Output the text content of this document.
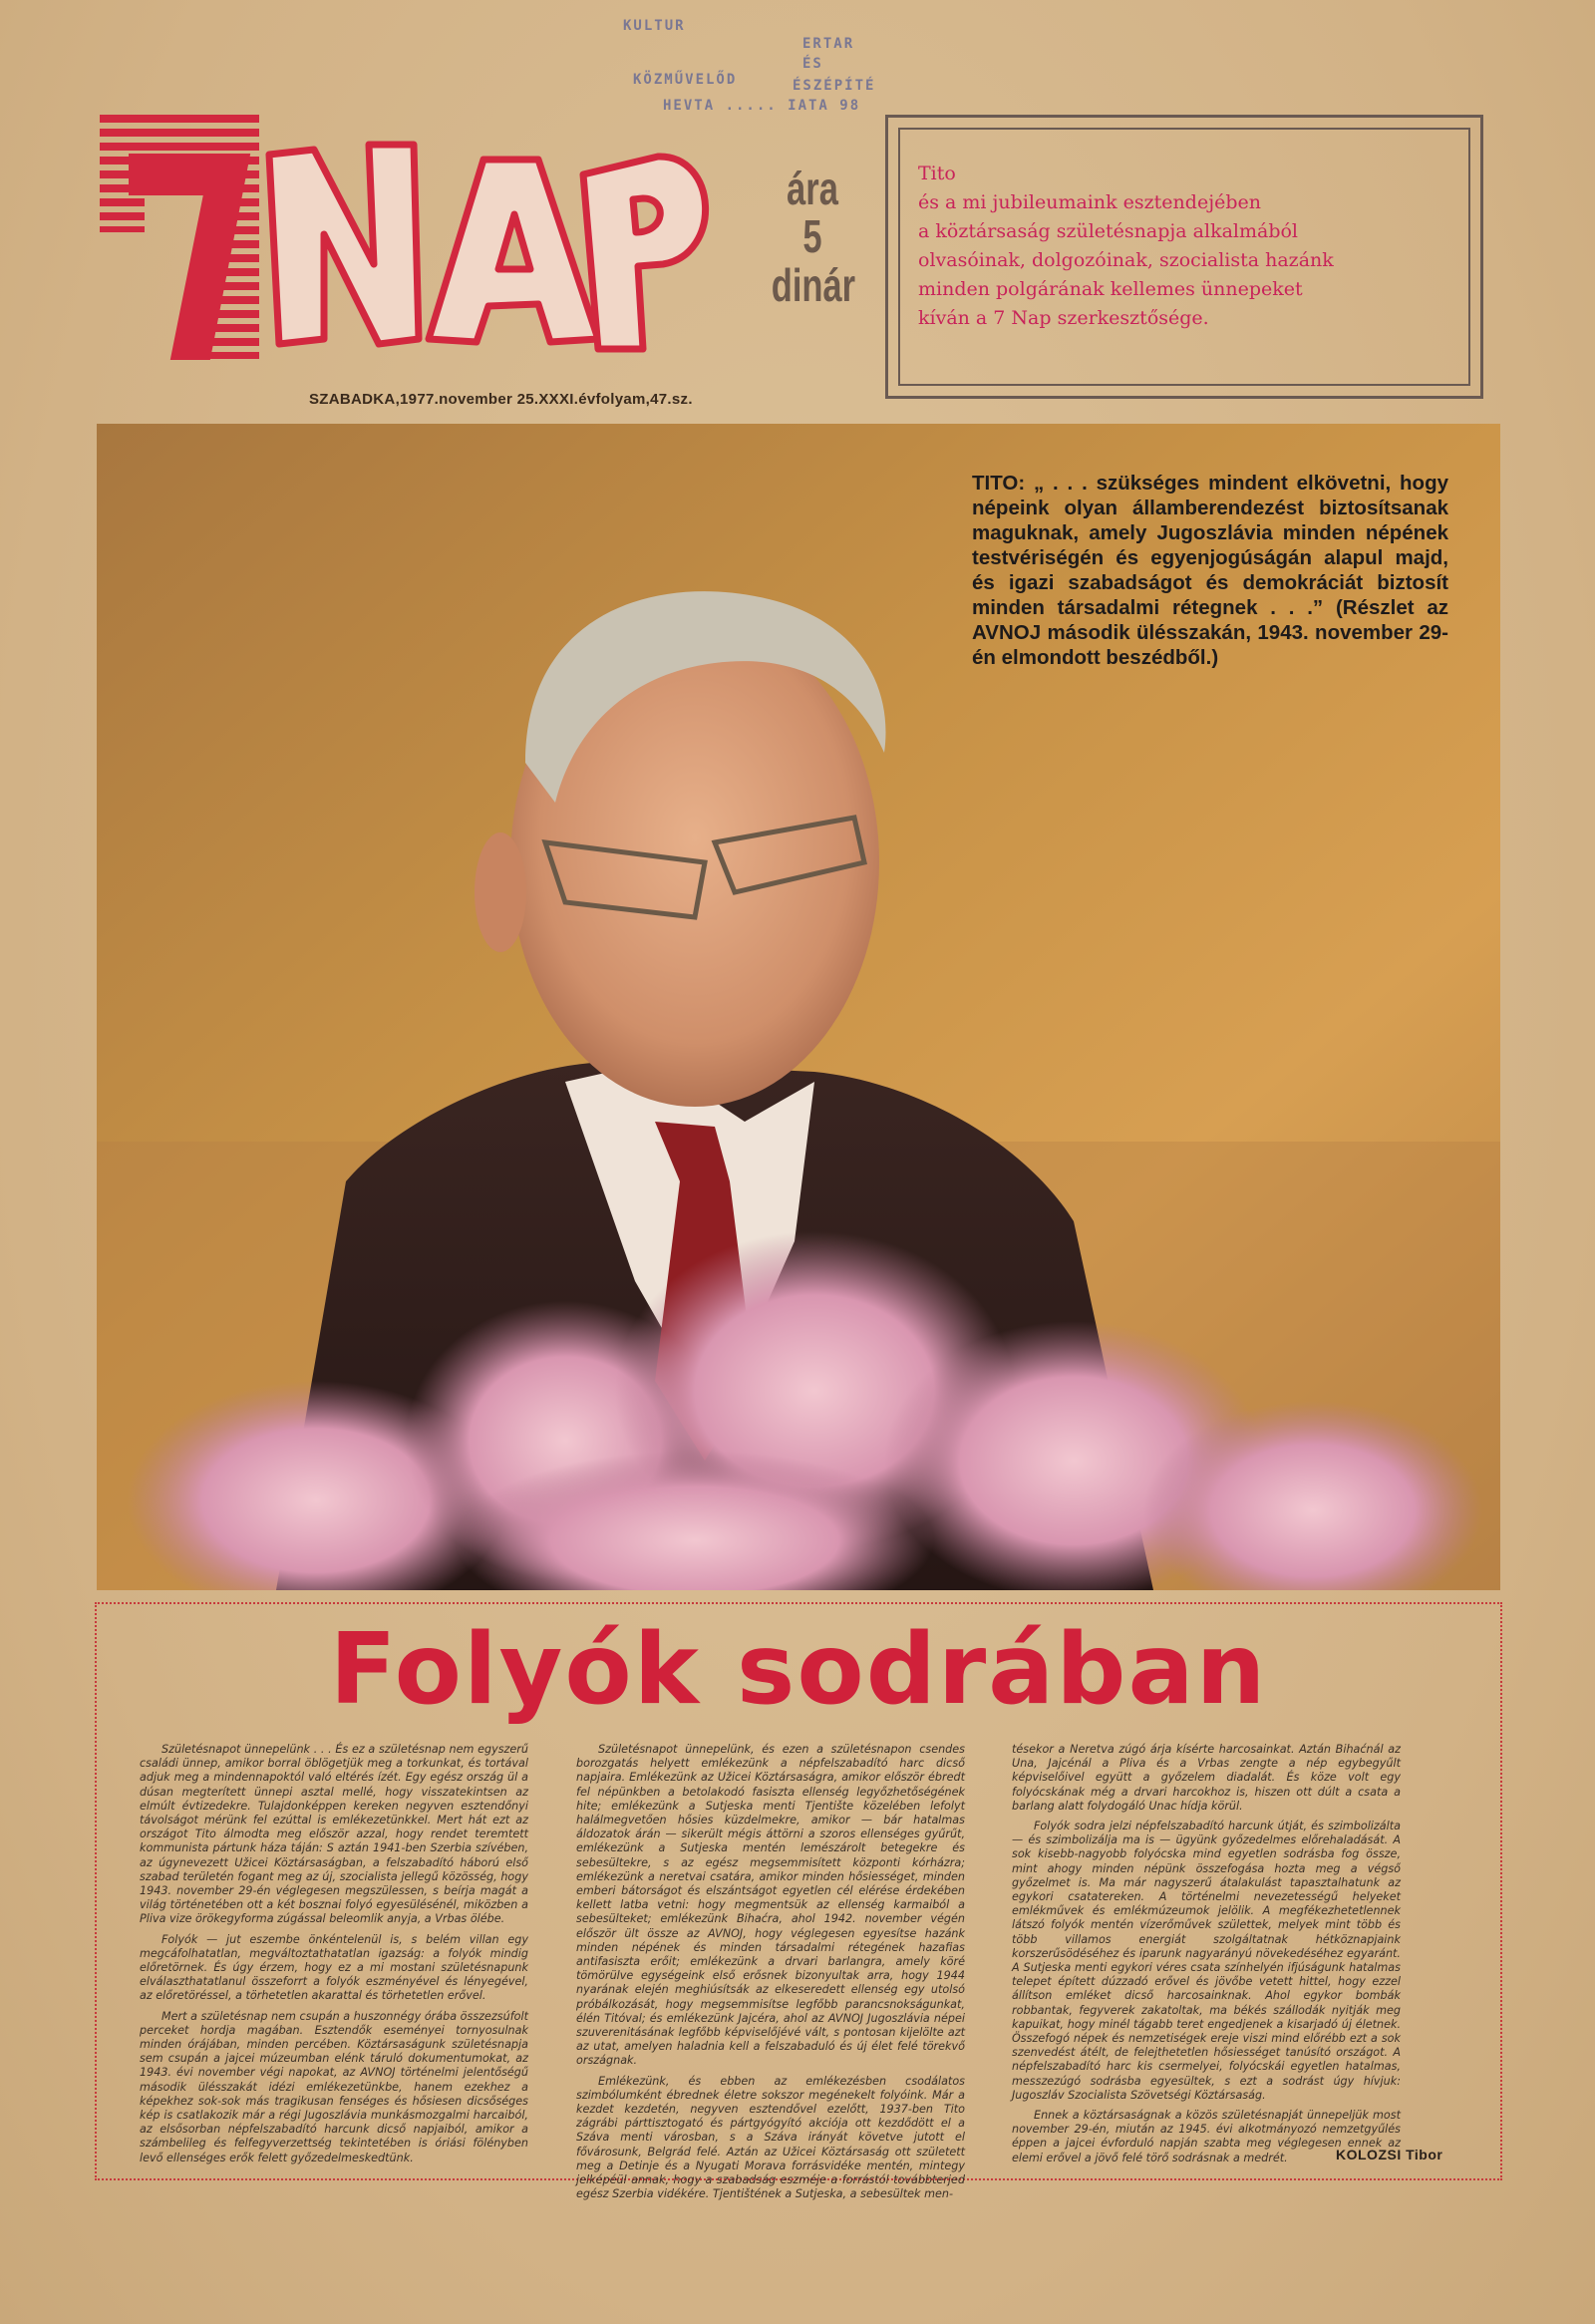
KULTUR
ERTAR
ÉS
KÖZMŰVELŐD	ÉSZÉPÍTÉ
HEVTA ..... IATA 98
SZABADKA,1977.november 25.XXXI.évfolyam,47.sz.
ára
5
dinár
Tito
és a mi jubileumaink esztendejében
a köztársaság születésnapja alkalmából
olvasóinak, dolgozóinak, szocialista hazánk
minden polgárának kellemes ünnepeket
kíván a 7 Nap szerkesztősége.
TITO: „ . . . szükséges mindent elkövetni, hogy népeink olyan államberendezést biztosítsanak maguknak, amely Jugoszlávia minden népének testvériségén és egyenjogúságán alapul majd, és igazi szabadságot és demokráciát biztosít minden társadalmi rétegnek . . .” (Részlet az AVNOJ második ülésszakán, 1943. november 29-én elmondott beszédből.)
Folyók sodrában

Születésnapot ünnepelünk . . . És ez a születésnap nem egyszerű családi ünnep, amikor borral öblögetjük meg a torkunkat, és tortával adjuk meg a mindennapoktól való eltérés ízét. Egy egész ország ül a dúsan megterített ünnepi asztal mellé, hogy visszatekintsen az elmúlt évtizedekre. Tulajdonképpen kereken negyven esztendőnyi távolságot mérünk fel ezúttal is emlékezetünkkel. Mert hát ezt az országot Tito álmodta meg először azzal, hogy rendet teremtett kommunista pártunk háza táján: S aztán 1941-ben Szerbia szívében, az úgynevezett Užicei Köztársaságban, a felszabadító háború első szabad területén fogant meg az új, szocialista jellegű közösség, hogy 1943. november 29-én véglegesen megszülessen, s beírja magát a világ történetében ott a két bosznai folyó egyesülésénél, miközben a Pliva vize örökegyforma zúgással beleomlik anyja, a Vrbas ölébe.

Folyók — jut eszembe önkéntelenül is, s belém villan egy megcáfolhatatlan, megváltoztathatatlan igazság: a folyók mindig előretörnek. És úgy érzem, hogy ez a mi mostani születésnapunk elválaszthatatlanul összeforrt a folyók eszményével és lényegével, az előretöréssel, a törhetetlen akarattal és törhetetlen erővel.

Mert a születésnap nem csupán a huszonnégy órába összezsúfolt perceket hordja magában. Esztendők eseményei tornyosulnak minden órájában, minden percében. Köztársaságunk születésnapja sem csupán a jajcei múzeumban elénk táruló dokumentumokat, az 1943. évi november végi napokat, az AVNOJ történelmi jelentőségű második ülésszakát idézi emlékezetünkbe, hanem ezekhez a képekhez sok-sok más tragikusan fenséges és hősiesen dicsőséges kép is csatlakozik már a régi Jugoszlávia munkásmozgalmi harcaiból, az elsősorban népfelszabadító harcunk dicső napjaiból, amikor a számbelileg és felfegyverzettség tekintetében is óriási fölényben levő ellenséges erők felett győzedelmeskedtünk.

Születésnapot ünnepelünk, és ezen a születésnapon csendes borozgatás helyett emlékezünk a népfelszabadító harc dicső napjaira. Emlékezünk az Užicei Köztársaságra, amikor először ébredt fel népünkben a betolakodó fasiszta ellenség legyőzhetőségének hite; emlékezünk a Sutjeska menti Tjentište közelében lefolyt halálmegvetően hősies küzdelmekre, amikor — bár hatalmas áldozatok árán — sikerült mégis áttörni a szoros ellenséges gyűrűt, emlékezünk a Sutjeska mentén lemészárolt betegekre és sebesültekre, s az egész megsemmisített központi kórházra; emlékezünk a neretvai csatára, amikor minden hősiességet, minden emberi bátorságot és elszántságot egyetlen cél elérése érdekében kellett latba vetni: hogy megmentsük az ellenség karmaiból a sebesülteket; emlékezünk Bihaćra, ahol 1942. november végén először ült össze az AVNOJ, hogy véglegesen egyesítse hazánk minden népének és minden társadalmi rétegének hazafias antifasiszta erőit; emlékezünk a drvari barlangra, amely köré tömörülve egységeink első erősnek bizonyultak arra, hogy 1944 nyarának elején meghiúsítsák az elkeseredett ellenség egy utolsó próbálkozását, hogy megsemmisítse legfőbb parancsnokságunkat, élén Titóval; és emlékezünk Jajcéra, ahol az AVNOJ Jugoszlávia népei szuverenitásának legfőbb képviselőjévé vált, s pontosan kijelölte azt az utat, amelyen haladnia kell a felszabaduló és új élet felé törekvő országnak.

Emlékezünk, és ebben az emlékezésben csodálatos szimbólumként ébrednek életre sokszor megénekelt folyóink. Már a kezdet kezdetén, negyven esztendővel ezelőtt, 1937-ben Tito zágrábi párttisztogató és pártgyógyító akciója ott kezdődött el a Száva menti városban, s a Száva irányát követve jutott el fővárosunk, Belgrád felé. Aztán az Užicei Köztársaság ott született meg a Detinje és a Nyugati Morava forrásvidéke mentén, mintegy jelképéül annak, hogy a szabadság eszméje a forrástól továbbterjed egész Szerbia vidékére. Tjentištének a Sutjeska, a sebesültek men-

tésekor a Neretva zúgó árja kísérte harcosainkat. Aztán Bihaćnál az Una, Jajcénál a Pliva és a Vrbas zengte a nép egybegyűlt képviselőivel együtt a győzelem diadalát. És köze volt egy folyócskának még a drvari harcokhoz is, hiszen ott dúlt a csata a barlang alatt folydogáló Unac hídja körül.

Folyók sodra jelzi népfelszabadító harcunk útját, és szimbolizálta — és szimbolizálja ma is — ügyünk győzedelmes előrehaladását. A sok kisebb-nagyobb folyócska mind egyetlen sodrásba fog össze, mint ahogy minden népünk összefogása hozta meg a végső győzelmet is. Ma már nagyszerű átalakulást tapasztalhatunk az egykori csatatereken. A történelmi nevezetességű helyeket emlékművek és emlékmúzeumok jelölik. A megfékezhetetlennek látszó folyók mentén vízerőművek születtek, melyek mint több és több villamos energiát szolgáltatnak hétköznapjaink korszerűsödéséhez és iparunk nagyarányú növekedéséhez egyaránt. A Sutjeska menti egykori véres csata színhelyén ifjúságunk hatalmas telepet épített dúzzadó erővel és jövőbe vetett hittel, hogy ezzel állítson emléket dicső harcosainknak. Ahol egykor bombák robbantak, fegyverek zakatoltak, ma békés szállodák nyitják meg kapuikat, hogy minél tágabb teret engedjenek a kisarjadó új életnek. Összefogó népek és nemzetiségek ereje viszi mind előrébb ezt a sok szenvedést átélt, de felejthetetlen hősiességet tanúsító országot. A népfelszabadító harc kis csermelyei, folyócskái egyetlen hatalmas, messzezúgó sodrásba egyesültek, s ezt a sodrást úgy hívjuk: Jugoszláv Szocialista Szövetségi Köztársaság.

Ennek a köztársaságnak a közös születésnapját ünnepeljük most november 29-én, miután az 1945. évi alkotmányozó nemzetgyűlés éppen a jajcei évforduló napján szabta meg véglegesen ennek az elemi erővel a jövő felé törő sodrásnak a medrét.	KOLOZSI Tibor
